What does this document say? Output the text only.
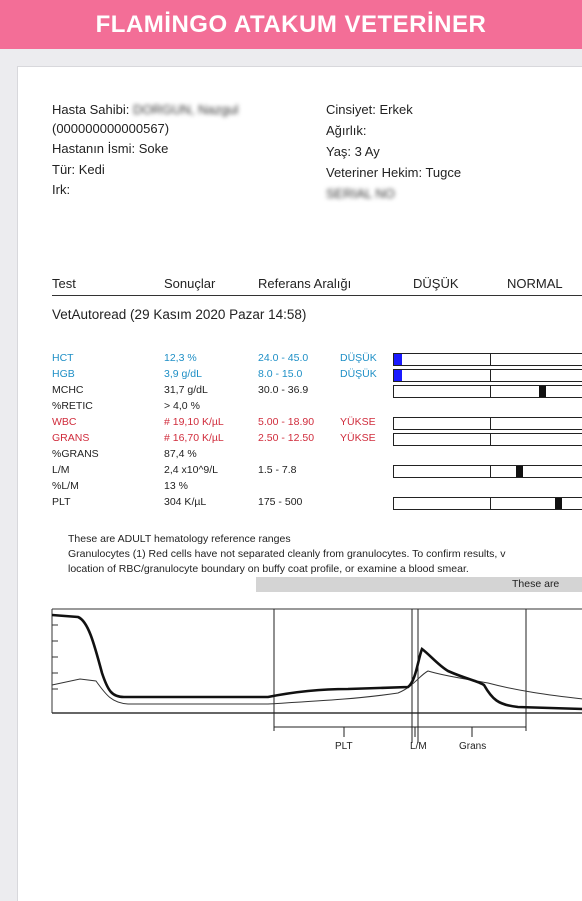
FLAMİNGO ATAKUM VETERİNER
Hasta Sahibi: DORGUN, Nazgul
(000000000000567)
Hastanın İsmi: Soke
Tür: Kedi
Irk:
Cinsiyet: Erkek
Ağırlık:
Yaş: 3 Ay
Veteriner Hekim: Tugce
SERIAL NO
Test	Sonuçlar	Referans Aralığı	DÜŞÜK	NORMAL
VetAutoread (29 Kasım 2020 Pazar 14:58)
HCT	12,3 %	24.0 - 45.0	DÜŞÜK
HGB	3,9 g/dL	8.0 - 15.0	DÜŞÜK
MCHC	31,7 g/dL	30.0 - 36.9
%RETIC	> 4,0 %
WBC	# 19,10 K/µL	5.00 - 18.90 YÜKSE
GRANS	# 16,70 K/µL	2.50 - 12.50 YÜKSE
%GRANS	87,4 %
L/M	2,4 x10^9/L	1.5 - 7.8
%L/M	13 %
PLT	304 K/µL	175 - 500
These are ADULT hematology reference ranges
Granulocytes (1) Red cells have not separated cleanly from granulocytes. To confirm results, v
location of RBC/granulocyte boundary on buffy coat profile, or examine a blood smear.
These are
PLT	L/M	Grans
